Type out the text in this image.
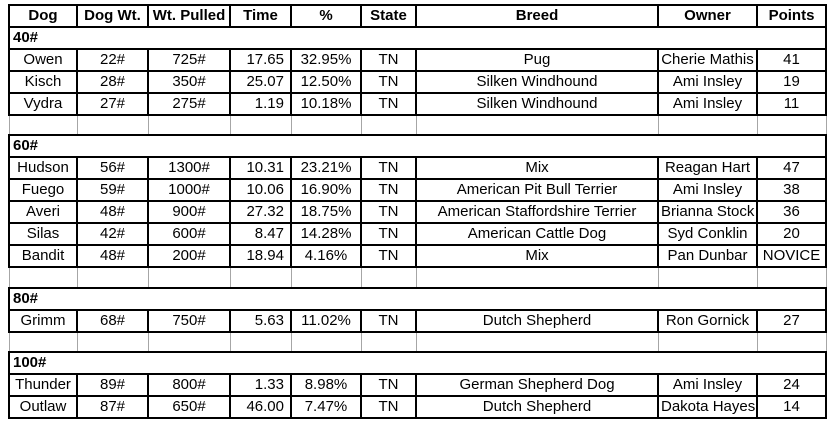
Dog	Dog Wt.	Wt. Pulled	Time	%	State	Breed	Owner	Points
40#								
Owen	22#	725#	17.65	32.95%	TN	Pug	Cherie Mathis	41
Kisch	28#	350#	25.07	12.50%	TN	Silken Windhound	Ami Insley	19
Vydra	27#	275#	1.19	10.18%	TN	Silken Windhound	Ami Insley	11

60#								
Hudson	56#	1300#	10.31	23.21%	TN	Mix	Reagan Hart	47
Fuego	59#	1000#	10.06	16.90%	TN	American Pit Bull Terrier	Ami Insley	38
Averi	48#	900#	27.32	18.75%	TN	American Staffordshire Terrier	Brianna Stock	36
Silas	42#	600#	8.47	14.28%	TN	American Cattle Dog	Syd Conklin	20
Bandit	48#	200#	18.94	4.16%	TN	Mix	Pan Dunbar	NOVICE

80#								
Grimm	68#	750#	5.63	11.02%	TN	Dutch Shepherd	Ron Gornick	27

100#								
Thunder	89#	800#	1.33	8.98%	TN	German Shepherd Dog	Ami Insley	24
Outlaw	87#	650#	46.00	7.47%	TN	Dutch Shepherd	Dakota Hayes	14
